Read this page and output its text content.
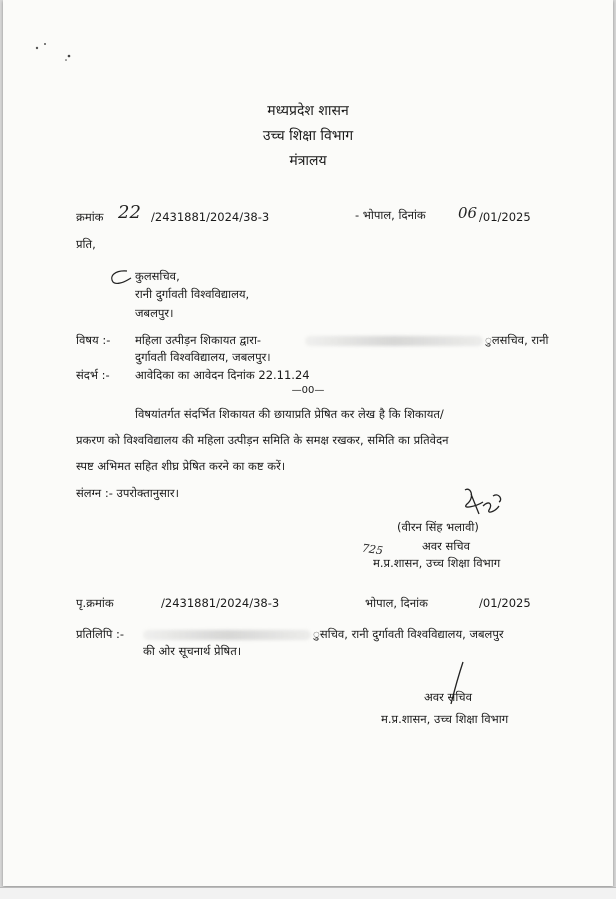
मध्यप्रदेश शासन
उच्च शिक्षा विभाग
मंत्रालय
क्रमांक 22 /2431881/2024/38-3	- भोपाल, दिनांक 06 /01/2025
प्रति,
कुलसचिव,
रानी दुर्गावती विश्वविद्यालय,
जबलपुर।
विषय :- महिला उत्पीड़न शिकायत द्वारा-	ुलसचिव, रानी
दुर्गावती विश्वविद्यालय, जबलपुर।
संदर्भ :- आवेदिका का आवेदन दिनांक 22.11.24
—00—
विषयांतर्गत संदर्भित शिकायत की छायाप्रति प्रेषित कर लेख है कि शिकायत/
प्रकरण को विश्वविद्यालय की महिला उत्पीड़न समिति के समक्ष रखकर, समिति का प्रतिवेदन
स्पष्ट अभिमत सहित शीघ्र प्रेषित करने का कष्ट करें।
संलग्न :- उपरोक्तानुसार।
(वीरन सिंह भलावी)
अवर सचिव
725
म.प्र.शासन, उच्च शिक्षा विभाग
पृ.क्रमांक	/2431881/2024/38-3	भोपाल, दिनांक	/01/2025
प्रतिलिपि :-	ुसचिव, रानी दुर्गावती विश्वविद्यालय, जबलपुर
की ओर सूचनार्थ प्रेषित।
अवर सचिव
म.प्र.शासन, उच्च शिक्षा विभाग
